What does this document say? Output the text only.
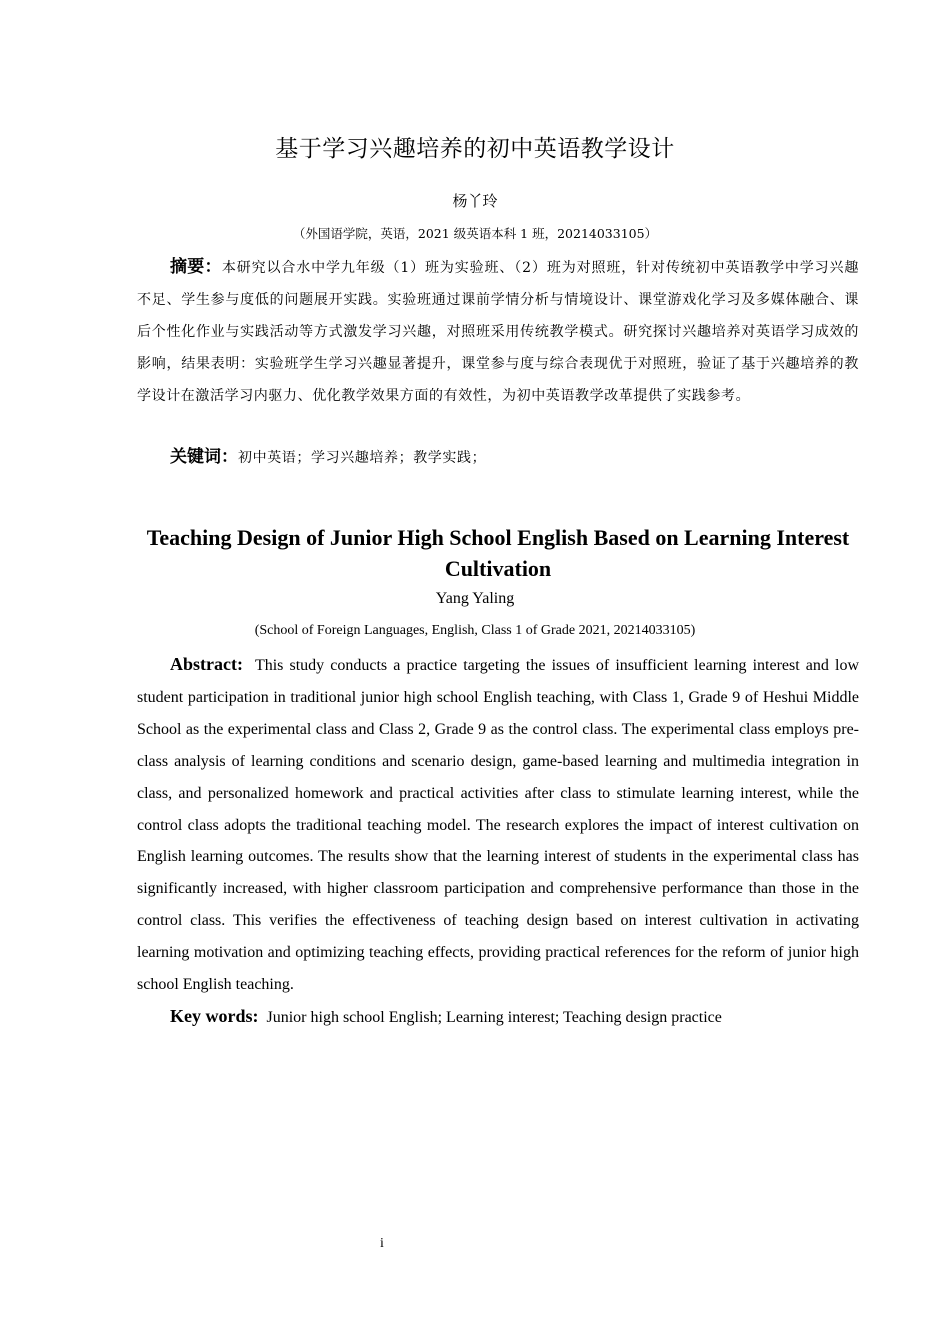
基于学习兴趣培养的初中英语教学设计
杨丫玲
（外国语学院，英语，2021 级英语本科 1 班，20214033105）
摘要：本研究以合水中学九年级（1）班为实验班、（2）班为对照班，针对传统初中英语教学中学习兴趣不足、学生参与度低的问题展开实践。实验班通过课前学情分析与情境设计、课堂游戏化学习及多媒体融合、课后个性化作业与实践活动等方式激发学习兴趣，对照班采用传统教学模式。研究探讨兴趣培养对英语学习成效的影响，结果表明：实验班学生学习兴趣显著提升，课堂参与度与综合表现优于对照班，验证了基于兴趣培养的教学设计在激活学习内驱力、优化教学效果方面的有效性，为初中英语教学改革提供了实践参考。
关键词：初中英语；学习兴趣培养；教学实践；
Teaching Design of Junior High School English Based on Learning Interest Cultivation
Yang Yaling
(School of Foreign Languages, English, Class 1 of Grade 2021, 20214033105)
Abstract: This study conducts a practice targeting the issues of insufficient learning interest and low student participation in traditional junior high school English teaching, with Class 1, Grade 9 of Heshui Middle School as the experimental class and Class 2, Grade 9 as the control class. The experimental class employs pre-class analysis of learning conditions and scenario design, game-based learning and multimedia integration in class, and personalized homework and practical activities after class to stimulate learning interest, while the control class adopts the traditional teaching model. The research explores the impact of interest cultivation on English learning outcomes. The results show that the learning interest of students in the experimental class has significantly increased, with higher classroom participation and comprehensive performance than those in the control class. This verifies the effectiveness of teaching design based on interest cultivation in activating learning motivation and optimizing teaching effects, providing practical references for the reform of junior high school English teaching.
Key words: Junior high school English; Learning interest; Teaching design practice
i
